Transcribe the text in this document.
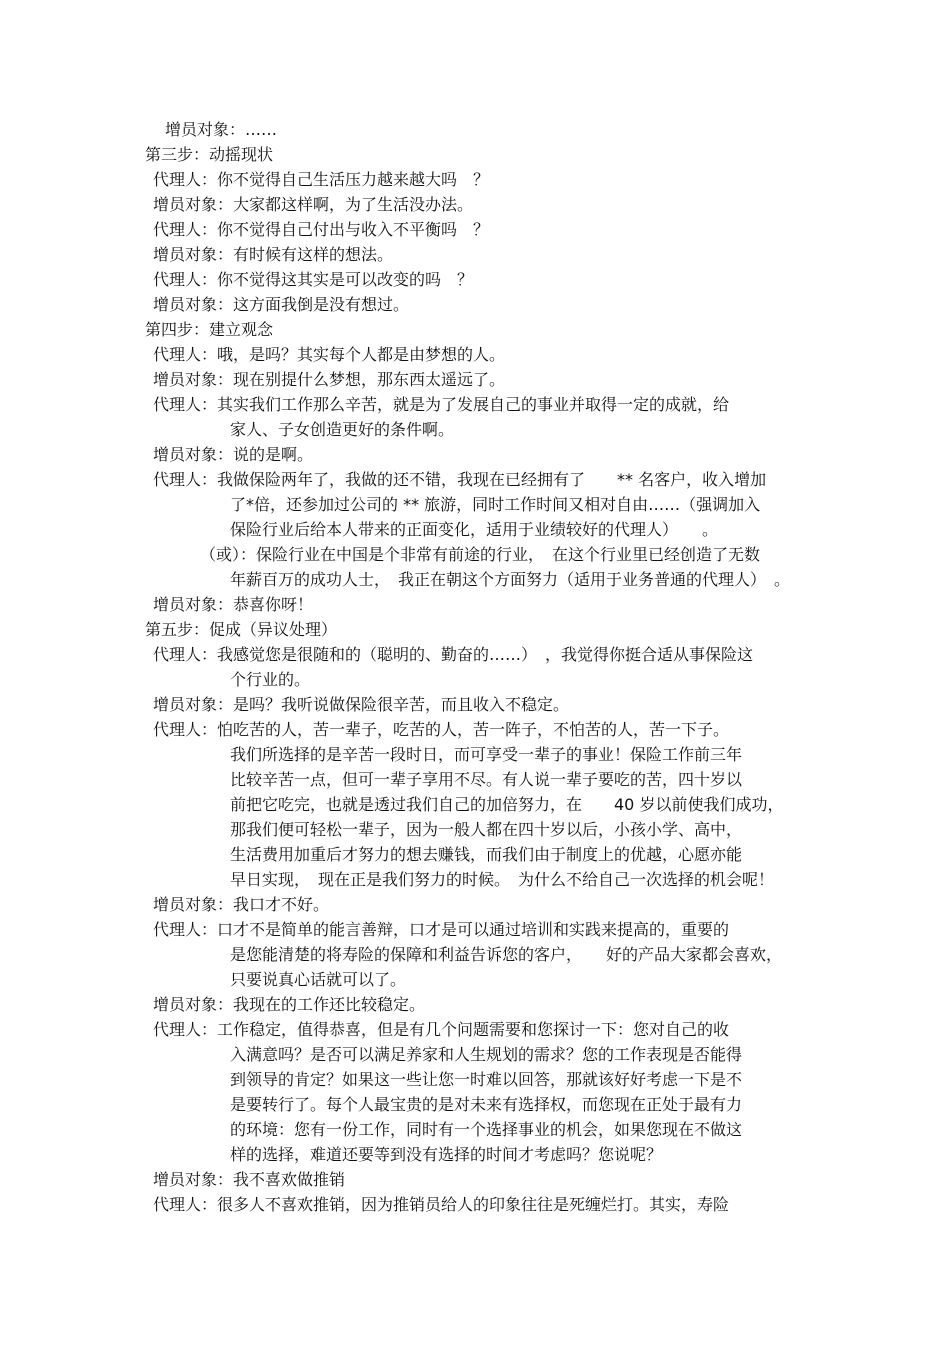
增员对象：……
第三步：动摇现状
代理人：你不觉得自己生活压力越来越大吗　？
增员对象：大家都这样啊，为了生活没办法。
代理人：你不觉得自己付出与收入不平衡吗　？
增员对象：有时候有这样的想法。
代理人：你不觉得这其实是可以改变的吗　？
增员对象：这方面我倒是没有想过。
第四步：建立观念
代理人：哦，是吗？其实每个人都是由梦想的人。
增员对象：现在别提什么梦想，那东西太遥远了。
代理人：其实我们工作那么辛苦，就是为了发展自己的事业并取得一定的成就，给
家人、子女创造更好的条件啊。
增员对象：说的是啊。
代理人：我做保险两年了，我做的还不错，我现在已经拥有了　　** 名客户，收入增加
了*倍，还参加过公司的 ** 旅游，同时工作时间又相对自由……（强调加入
保险行业后给本人带来的正面变化，适用于业绩较好的代理人）　　。
（或）：保险行业在中国是个非常有前途的行业，　在这个行业里已经创造了无数
年薪百万的成功人士，　我正在朝这个方面努力（适用于业务普通的代理人）　。
增员对象：恭喜你呀！
第五步：促成（异议处理）
代理人：我感觉您是很随和的（聪明的、勤奋的……）　，我觉得你挺合适从事保险这
个行业的。
增员对象：是吗？我听说做保险很辛苦，而且收入不稳定。
代理人：怕吃苦的人，苦一辈子，吃苦的人，苦一阵子，不怕苦的人，苦一下子。
我们所选择的是辛苦一段时日，而可享受一辈子的事业！保险工作前三年
比较辛苦一点，但可一辈子享用不尽。有人说一辈子要吃的苦，四十岁以
前把它吃完，也就是透过我们自己的加倍努力，在　　40 岁以前使我们成功，
那我们便可轻松一辈子，因为一般人都在四十岁以后，小孩小学、高中，
生活费用加重后才努力的想去赚钱，而我们由于制度上的优越，心愿亦能
早日实现，　现在正是我们努力的时候。　为什么不给自己一次选择的机会呢！
增员对象：我口才不好。
代理人：口才不是简单的能言善辩，口才是可以通过培训和实践来提高的，重要的
是您能清楚的将寿险的保障和利益告诉您的客户，　　好的产品大家都会喜欢，
只要说真心话就可以了。
增员对象：我现在的工作还比较稳定。
代理人：工作稳定，值得恭喜，但是有几个问题需要和您探讨一下：您对自己的收
入满意吗？是否可以满足养家和人生规划的需求？您的工作表现是否能得
到领导的肯定？如果这一些让您一时难以回答，那就该好好考虑一下是不
是要转行了。每个人最宝贵的是对未来有选择权，而您现在正处于最有力
的环境：您有一份工作，同时有一个选择事业的机会，如果您现在不做这
样的选择，难道还要等到没有选择的时间才考虑吗？您说呢？
增员对象：我不喜欢做推销
代理人：很多人不喜欢推销，因为推销员给人的印象往往是死缠烂打。其实，寿险
